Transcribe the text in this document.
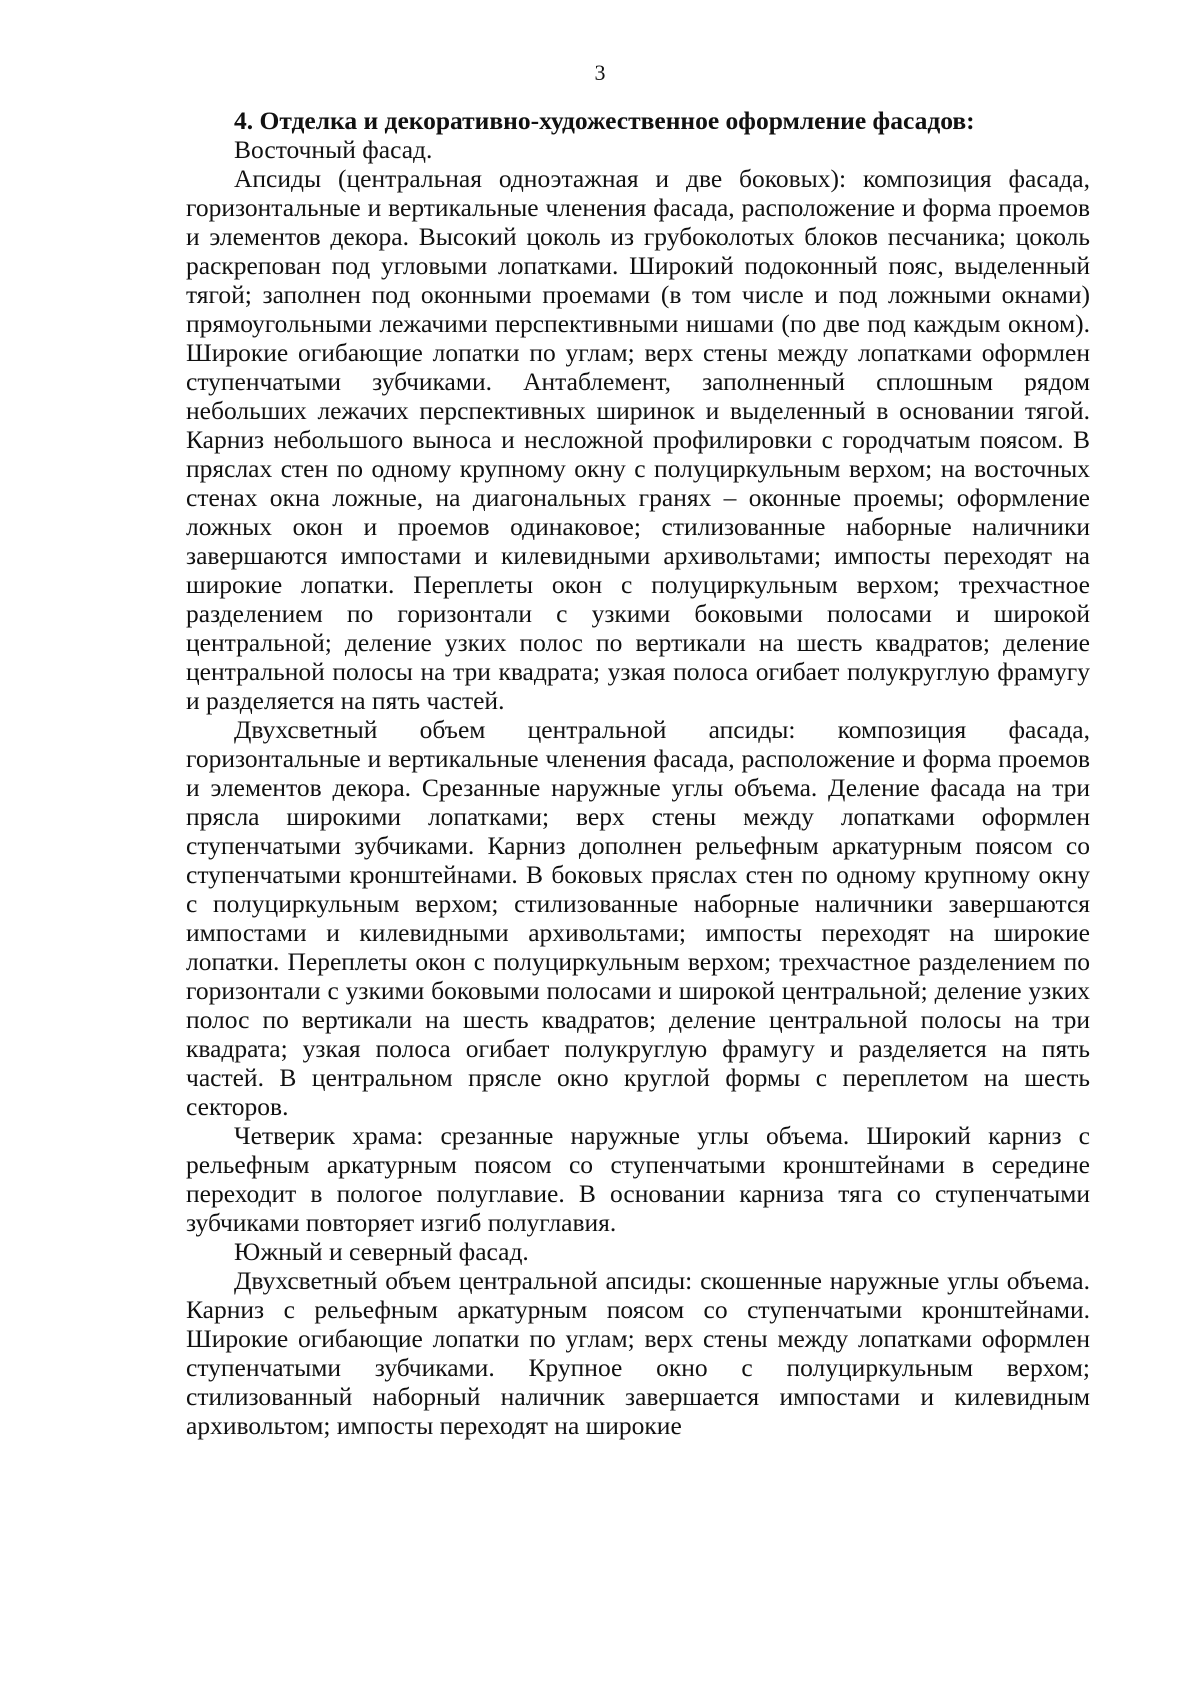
3
4. Отделка и декоративно-художественное оформление фасадов:

Восточный фасад.

Апсиды (центральная одноэтажная и две боковых): композиция фасада, горизонтальные и вертикальные членения фасада, расположение и форма проемов и элементов декора. Высокий цоколь из грубоколотых блоков песчаника; цоколь раскрепован под угловыми лопатками. Широкий подоконный пояс, выделенный тягой; заполнен под оконными проемами (в том числе и под ложными окнами) прямоугольными лежачими перспективными нишами (по две под каждым окном). Широкие огибающие лопатки по углам; верх стены между лопатками оформлен ступенчатыми зубчиками. Антаблемент, заполненный сплошным рядом небольших лежачих перспективных ширинок и выделенный в основании тягой. Карниз небольшого выноса и несложной профилировки с городчатым поясом. В пряслах стен по одному крупному окну с полуциркульным верхом; на восточных стенах окна ложные, на диагональных гранях – оконные проемы; оформление ложных окон и проемов одинаковое; стилизованные наборные наличники завершаются импостами и килевидными архивольтами; импосты переходят на широкие лопатки. Переплеты окон с полуциркульным верхом; трехчастное разделением по горизонтали с узкими боковыми полосами и широкой центральной; деление узких полос по вертикали на шесть квадратов; деление центральной полосы на три квадрата; узкая полоса огибает полукруглую фрамугу и разделяется на пять частей.

Двухсветный объем центральной апсиды: композиция фасада, горизонтальные и вертикальные членения фасада, расположение и форма проемов и элементов декора. Срезанные наружные углы объема. Деление фасада на три прясла широкими лопатками; верх стены между лопатками оформлен ступенчатыми зубчиками. Карниз дополнен рельефным аркатурным поясом со ступенчатыми кронштейнами. В боковых пряслах стен по одному крупному окну с полуциркульным верхом; стилизованные наборные наличники завершаются импостами и килевидными архивольтами; импосты переходят на широкие лопатки. Переплеты окон с полуциркульным верхом; трехчастное разделением по горизонтали с узкими боковыми полосами и широкой центральной; деление узких полос по вертикали на шесть квадратов; деление центральной полосы на три квадрата; узкая полоса огибает полукруглую фрамугу и разделяется на пять частей. В центральном прясле окно круглой формы с переплетом на шесть секторов.

Четверик храма: срезанные наружные углы объема. Широкий карниз с рельефным аркатурным поясом со ступенчатыми кронштейнами в середине переходит в пологое полуглавие. В основании карниза тяга со ступенчатыми зубчиками повторяет изгиб полуглавия.

Южный и северный фасад.

Двухсветный объем центральной апсиды: скошенные наружные углы объема. Карниз с рельефным аркатурным поясом со ступенчатыми кронштейнами. Широкие огибающие лопатки по углам; верх стены между лопатками оформлен ступенчатыми зубчиками. Крупное окно с полуциркульным верхом; стилизованный наборный наличник завершается импостами и килевидным архивольтом; импосты переходят на широкие
